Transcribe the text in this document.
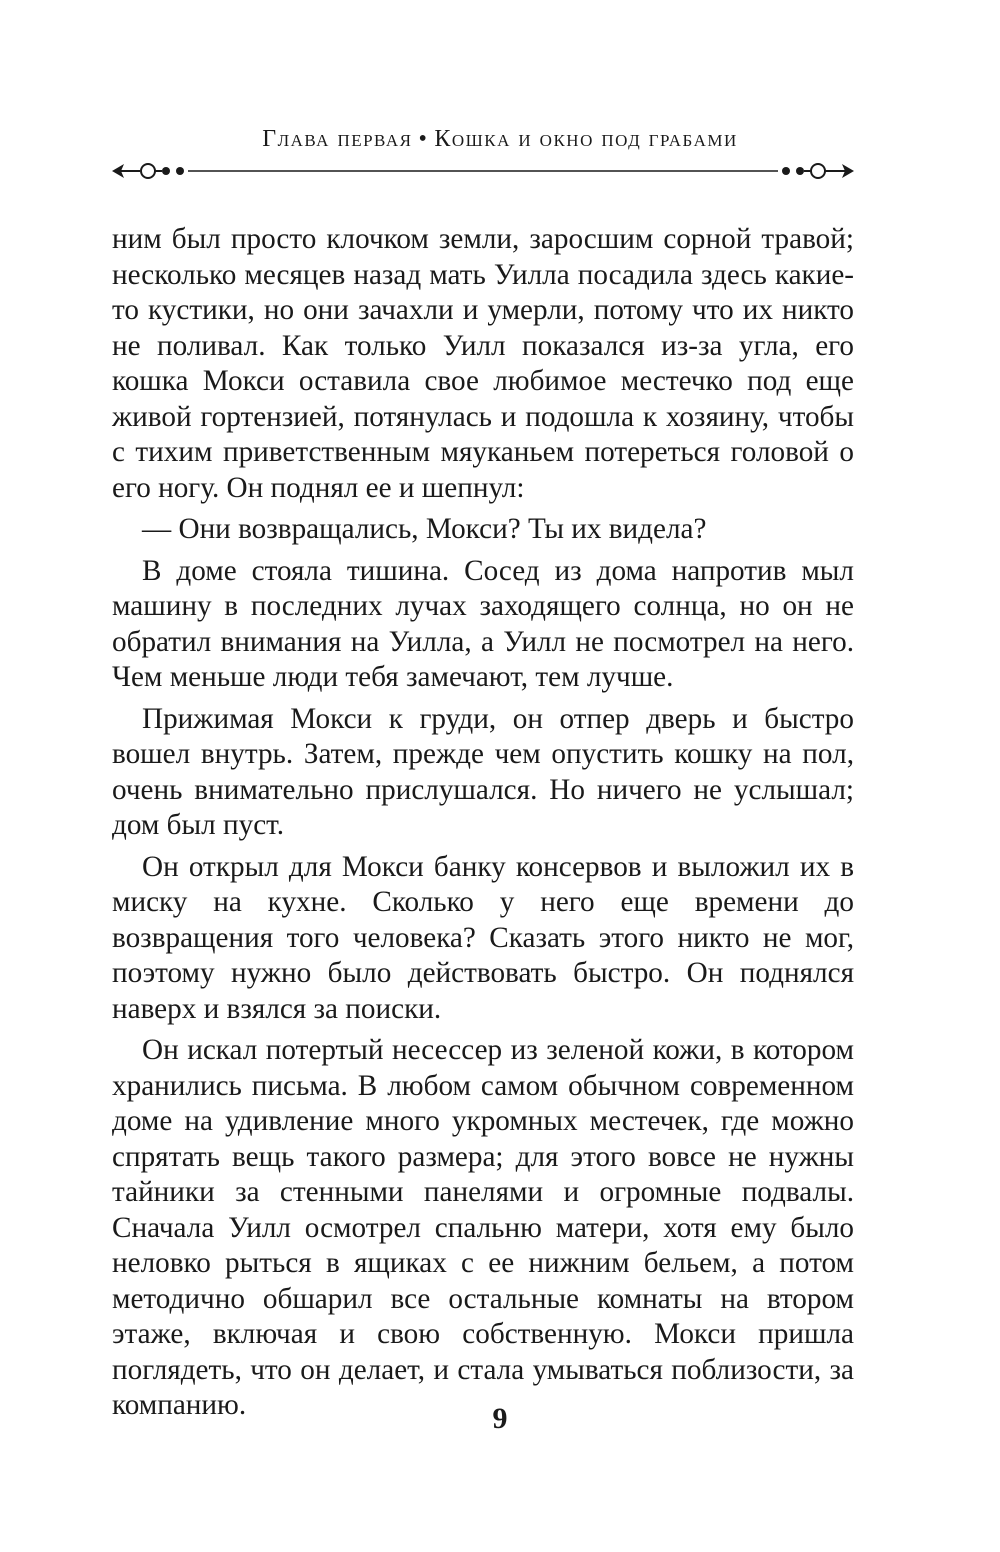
Глава первая • Кошка и окно под грабами

ним был просто клочком земли, заросшим сорной травой; несколько месяцев назад мать Уилла посадила здесь какие-то кустики, но они зачахли и умерли, потому что их никто не поливал. Как только Уилл показался из-за угла, его кошка Мокси оставила свое любимое местечко под еще живой гортензией, потянулась и подошла к хозяину, чтобы с тихим приветственным мяуканьем потереться головой о его ногу. Он поднял ее и шепнул:

— Они возвращались, Мокси? Ты их видела?

В доме стояла тишина. Сосед из дома напротив мыл машину в последних лучах заходящего солнца, но он не обратил внимания на Уилла, а Уилл не посмотрел на него. Чем меньше люди тебя замечают, тем лучше.

Прижимая Мокси к груди, он отпер дверь и быстро вошел внутрь. Затем, прежде чем опустить кошку на пол, очень внимательно прислушался. Но ничего не услышал; дом был пуст.

Он открыл для Мокси банку консервов и выложил их в миску на кухне. Сколько у него еще времени до возвращения того человека? Сказать этого никто не мог, поэтому нужно было действовать быстро. Он поднялся наверх и взялся за поиски.

Он искал потертый несессер из зеленой кожи, в котором хранились письма. В любом самом обычном современном доме на удивление много укромных местечек, где можно спрятать вещь такого размера; для этого вовсе не нужны тайники за стенными панелями и огромные подвалы. Сначала Уилл осмотрел спальню матери, хотя ему было неловко рыться в ящиках с ее нижним бельем, а потом методично обшарил все остальные комнаты на втором этаже, включая и свою собственную. Мокси пришла поглядеть, что он делает, и стала умываться поблизости, за компанию.	9
